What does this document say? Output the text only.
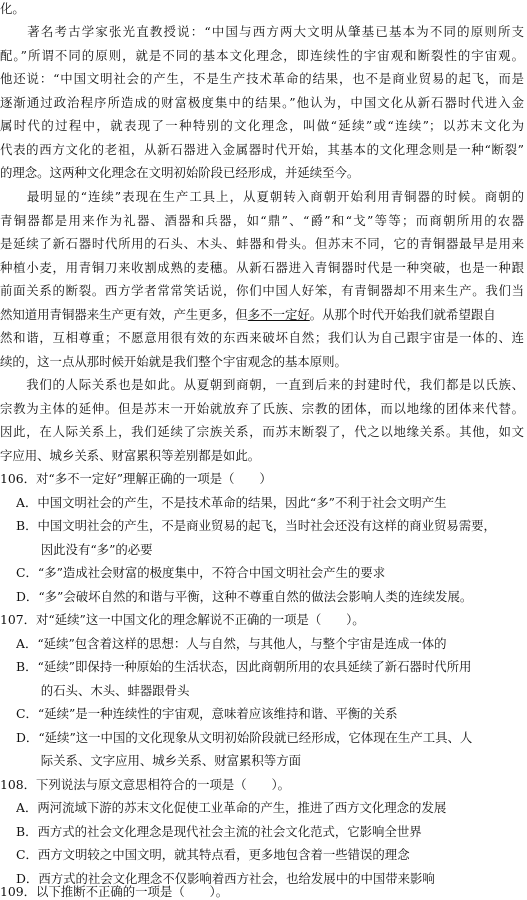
化。
　　著名考古学家张光直教授说：“中国与西方两大文明从肇基已基本为不同的原则所支
配。”所谓不同的原则，就是不同的基本文化理念，即连续性的宇宙观和断裂性的宇宙观。
他还说：“中国文明社会的产生，不是生产技术革命的结果，也不是商业贸易的起飞，而是
逐渐通过政治程序所造成的财富极度集中的结果。”他认为，中国文化从新石器时代进入金
属时代的过程中，就表现了一种特别的文化理念，叫做“延续”或“连续”；以苏末文化为
代表的西方文化的老祖，从新石器进入金属器时代开始，其基本的文化理念则是一种“断裂”
的理念。这两种文化理念在文明初始阶段已经形成，并延续至今。
　　最明显的“连续”表现在生产工具上，从夏朝转入商朝开始利用青铜器的时候。商朝的
青铜器都是用来作为礼器、酒器和兵器，如“鼎”、“爵”和“戈”等等；而商朝所用的农器
是延续了新石器时代所用的石头、木头、蚌器和骨头。但苏末不同，它的青铜器最早是用来
种植小麦，用青铜刀来收割成熟的麦穗。从新石器进入青铜器时代是一种突破，也是一种跟
前面关系的断裂。西方学者常常笑话说，你们中国人好笨，有青铜器却不用来生产。我们当
然知道用青铜器来生产更有效，产生更多，但多不一定好。从那个时代开始我们就希望跟自
然和谐，互相尊重；不愿意用很有效的东西来破坏自然；我们认为自己跟宇宙是一体的、连
续的，这一点从那时候开始就是我们整个宇宙观念的基本原则。
　　我们的人际关系也是如此。从夏朝到商朝，一直到后来的封建时代，我们都是以氏族、
宗教为主体的延伸。但是苏末一开始就放弃了氏族、宗教的团体，而以地缘的团体来代替。
因此，在人际关系上，我们延续了宗族关系，而苏末断裂了，代之以地缘关系。其他，如文
字应用、城乡关系、财富累积等差别都是如此。
106．对“多不一定好”理解正确的一项是（　　）
A．中国文明社会的产生，不是技术革命的结果，因此“多”不利于社会文明产生
B．中国文明社会的产生，不是商业贸易的起飞，当时社会还没有这样的商业贸易需要，
　　因此没有“多”的必要
C．“多”造成社会财富的极度集中，不符合中国文明社会产生的要求
D．“多”会破坏自然的和谐与平衡，这种不尊重自然的做法会影响人类的连续发展。
107．对“延续”这一中国文化的理念解说不正确的一项是（　　）。
A．“延续”包含着这样的思想：人与自然，与其他人，与整个宇宙是连成一体的
B．“延续”即保持一种原始的生活状态，因此商朝所用的农具延续了新石器时代所用
　　的石头、木头、蚌器跟骨头
C．“延续”是一种连续性的宇宙观，意味着应该维持和谐、平衡的关系
D．“延续”这一中国的文化现象从文明初始阶段就已经形成，它体现在生产工具、人
　　际关系、文字应用、城乡关系、财富累积等方面
108．下列说法与原文意思相符合的一项是（　　）。
A．两河流域下游的苏末文化促使工业革命的产生，推进了西方文化理念的发展
B．西方式的社会文化理念是现代社会主流的社会文化范式，它影响全世界
C．西方文明较之中国文明，就其特点看，更多地包含着一些错误的理念
D．西方式的社会文化理念不仅影响着西方社会，也给发展中的中国带来影响
109．以下推断不正确的一项是（　　）。
